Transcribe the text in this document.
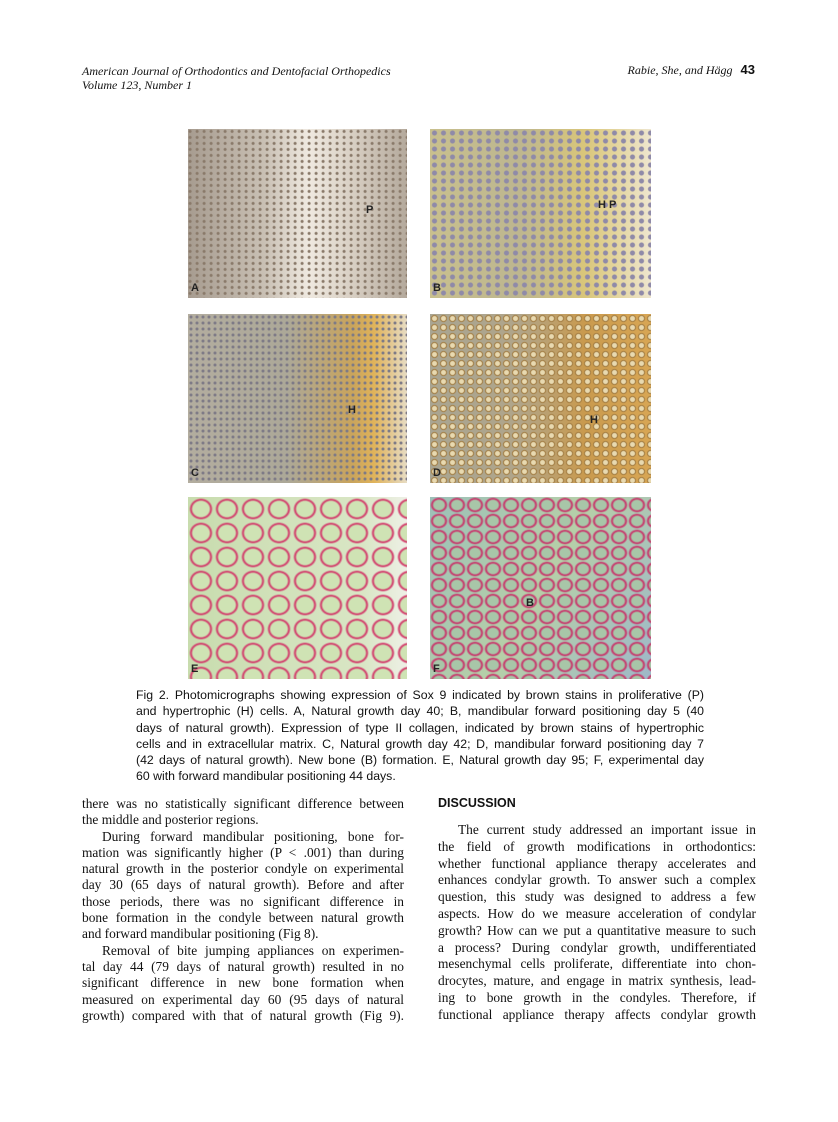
American Journal of Orthodontics and Dentofacial Orthopedics
Volume 123, Number 1
Rabie, She, and Hägg 43
A
P
B
H P
C
H
D
H
E	F
B
Fig 2. Photomicrographs showing expression of Sox 9 indicated by brown stains in proliferative (P)
and hypertrophic (H) cells. A, Natural growth day 40; B, mandibular forward positioning day 5 (40
days of natural growth). Expression of type II collagen, indicated by brown stains of hypertrophic
cells and in extracellular matrix. C, Natural growth day 42; D, mandibular forward positioning day 7
(42 days of natural growth). New bone (B) formation. E, Natural growth day 95; F, experimental day
60 with forward mandibular positioning 44 days.
there was no statistically significant difference between
the middle and posterior regions.
During forward mandibular positioning, bone for-
mation was significantly higher (P < .001) than during
natural growth in the posterior condyle on experimental
day 30 (65 days of natural growth). Before and after
those periods, there was no significant difference in
bone formation in the condyle between natural growth
and forward mandibular positioning (Fig 8).
Removal of bite jumping appliances on experimen-
tal day 44 (79 days of natural growth) resulted in no
significant difference in new bone formation when
measured on experimental day 60 (95 days of natural
growth) compared with that of natural growth (Fig 9).
DISCUSSION
The current study addressed an important issue in
the field of growth modifications in orthodontics:
whether functional appliance therapy accelerates and
enhances condylar growth. To answer such a complex
question, this study was designed to address a few
aspects. How do we measure acceleration of condylar
growth? How can we put a quantitative measure to such
a process? During condylar growth, undifferentiated
mesenchymal cells proliferate, differentiate into chon-
drocytes, mature, and engage in matrix synthesis, lead-
ing to bone growth in the condyles. Therefore, if
functional appliance therapy affects condylar growth
